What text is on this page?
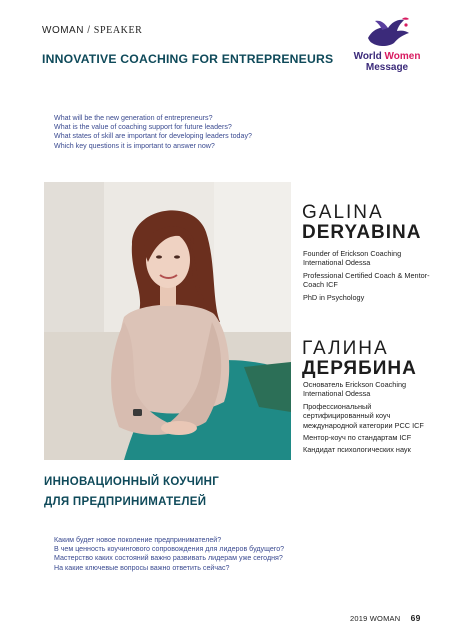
WOMAN / SPEAKER
INNOVATIVE COACHING FOR ENTREPRENEURS	World Women
Message
What will be the new generation of entrepreneurs?
What is the value of coaching support for future leaders?
What states of skill are important for developing leaders today?
Which key questions it is important to answer now?
GALINA
DERYABINA

Founder of Erickson Coaching International Odessa

Professional Certified Coach & Mentor-Coach ICF

PhD in Psychology

ГАЛИНА
ДЕРЯБИНА

Основатель Erickson Coaching International Odessa

Профессиональный сертифицированный коуч международной категории PCC ICF

Ментор-коуч по стандартам ICF

Кандидат психологических наук

ИННОВАЦИОННЫЙ КОУЧИНГ
ДЛЯ ПРЕДПРИНИМАТЕЛЕЙ
Каким будет новое поколение предпринимателей?
В чем ценность коучингового сопровождения для лидеров будущего?
Мастерство каких состояний важно развивать лидерам уже сегодня?
На какие ключевые вопросы важно ответить сейчас?
2019 WOMAN 69
